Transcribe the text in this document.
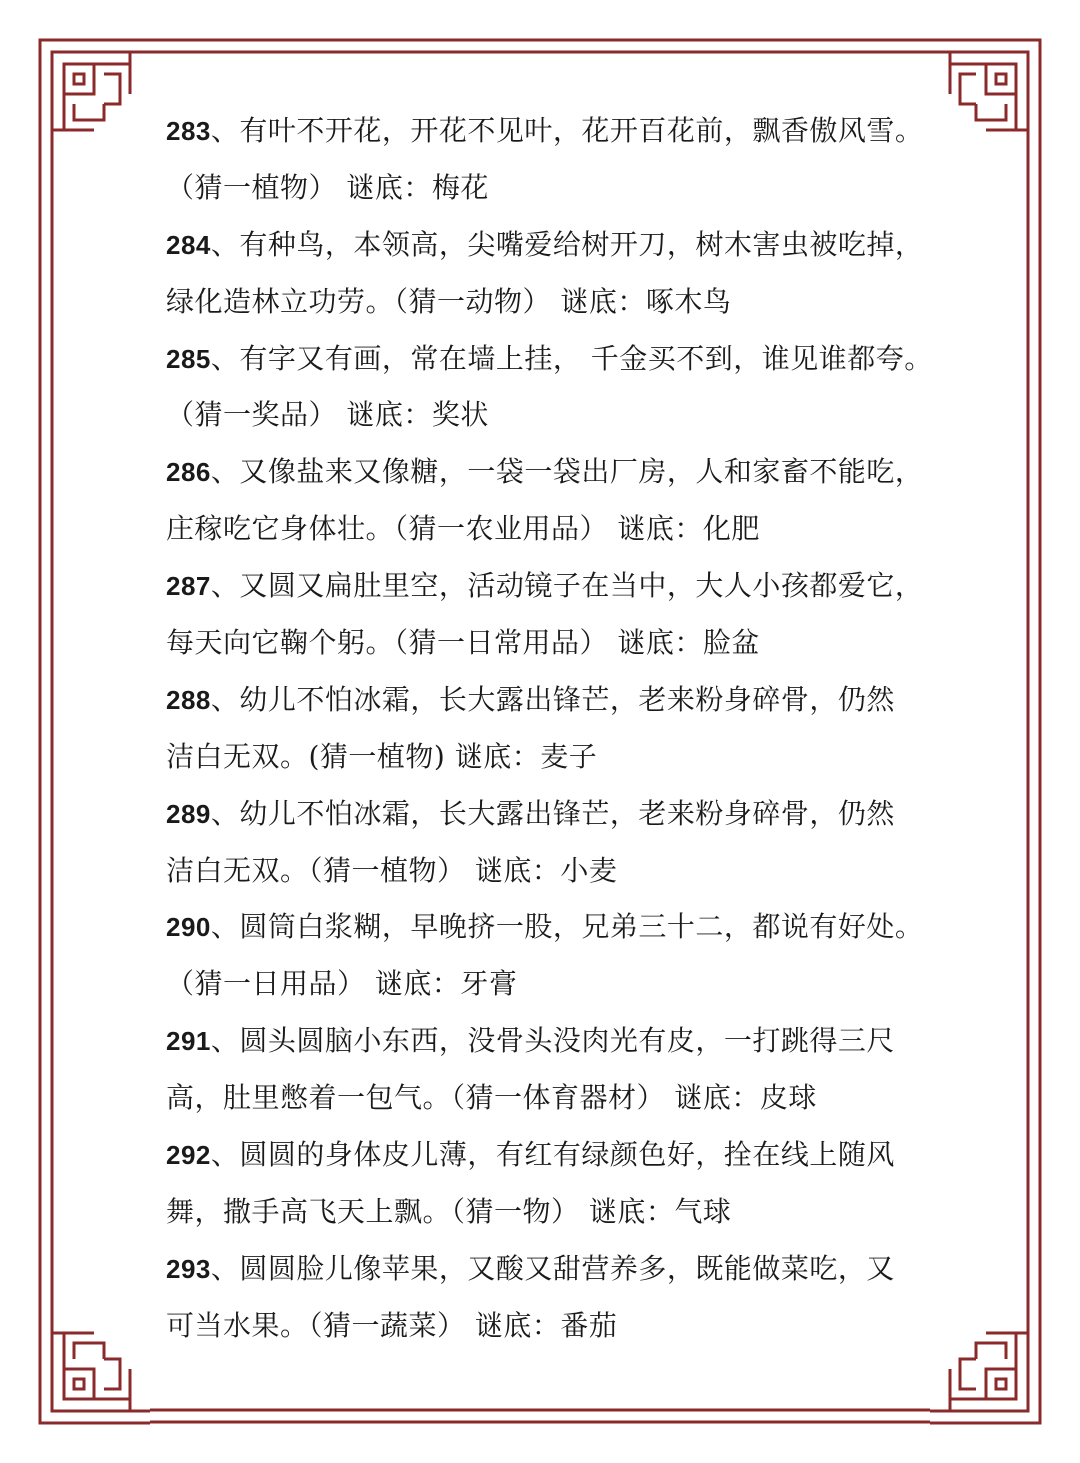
283、有叶不开花，开花不见叶，花开百花前，飘香傲风雪。
（猜一植物） 谜底：梅花
284、有种鸟，本领高，尖嘴爱给树开刀，树木害虫被吃掉，
绿化造林立功劳。（猜一动物） 谜底：啄木鸟
285、有字又有画，常在墙上挂， 千金买不到，谁见谁都夸。
（猜一奖品） 谜底：奖状
286、又像盐来又像糖，一袋一袋出厂房，人和家畜不能吃，
庄稼吃它身体壮。（猜一农业用品） 谜底：化肥
287、又圆又扁肚里空，活动镜子在当中，大人小孩都爱它，
每天向它鞠个躬。（猜一日常用品） 谜底：脸盆
288、幼儿不怕冰霜，长大露出锋芒，老来粉身碎骨，仍然
洁白无双。(猜一植物) 谜底：麦子
289、幼儿不怕冰霜，长大露出锋芒，老来粉身碎骨，仍然
洁白无双。（猜一植物） 谜底：小麦
290、圆筒白浆糊，早晚挤一股，兄弟三十二，都说有好处。
（猜一日用品） 谜底：牙膏
291、圆头圆脑小东西，没骨头没肉光有皮，一打跳得三尺
高，肚里憋着一包气。（猜一体育器材） 谜底：皮球
292、圆圆的身体皮儿薄，有红有绿颜色好，拴在线上随风
舞，撒手高飞天上飘。（猜一物） 谜底：气球
293、圆圆脸儿像苹果，又酸又甜营养多，既能做菜吃，又
可当水果。（猜一蔬菜） 谜底：番茄
